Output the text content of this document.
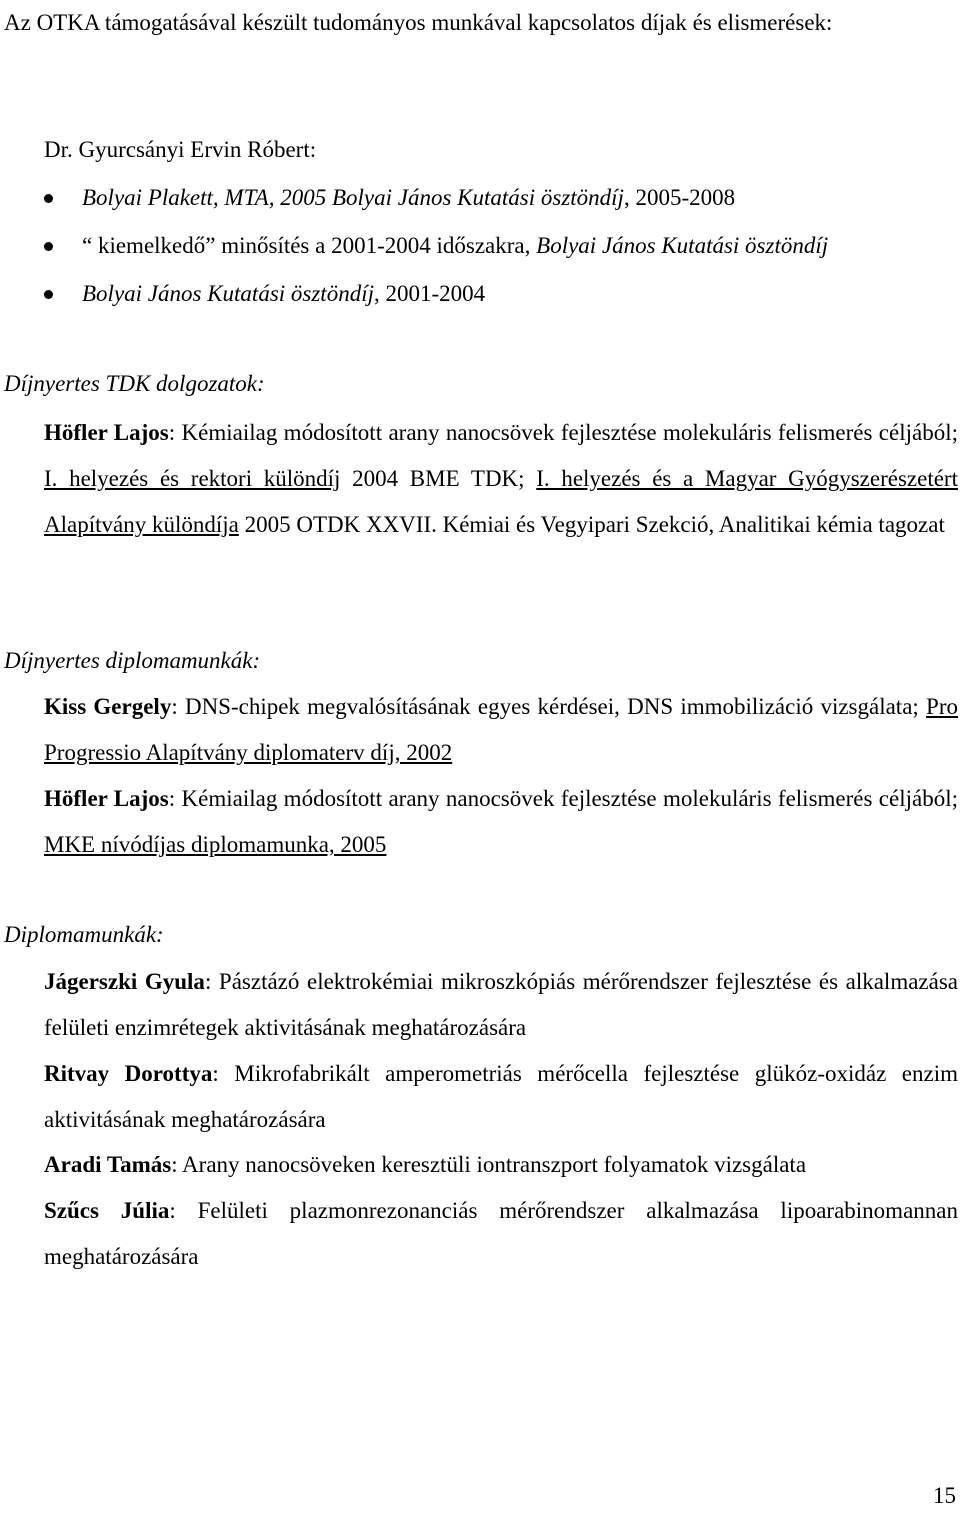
Az OTKA támogatásával készült tudományos munkával kapcsolatos díjak és elismerések:
Dr. Gyurcsányi Ervin Róbert:
Bolyai Plakett, MTA, 2005 Bolyai János Kutatási ösztöndíj, 2005-2008
“ kiemelkedő” minősítés a 2001-2004 időszakra, Bolyai János Kutatási ösztöndíj
Bolyai János Kutatási ösztöndíj, 2001-2004
Díjnyertes TDK dolgozatok:
Höfler Lajos: Kémiailag módosított arany nanocsövek fejlesztése molekuláris felismerés céljából; I. helyezés és rektori különdíj 2004 BME TDK; I. helyezés és a Magyar Gyógyszerészetért Alapítvány különdíja 2005 OTDK XXVII. Kémiai és Vegyipari Szekció, Analitikai kémia tagozat
Díjnyertes diplomamunkák:
Kiss Gergely: DNS-chipek megvalósításának egyes kérdései, DNS immobilizáció vizsgálata; Pro Progressio Alapítvány diplomaterv díj, 2002
Höfler Lajos: Kémiailag módosított arany nanocsövek fejlesztése molekuláris felismerés céljából; MKE nívódíjas diplomamunka, 2005
Diplomamunkák:
Jágerszki Gyula: Pásztázó elektrokémiai mikroszkópiás mérőrendszer fejlesztése és alkalmazása felületi enzimrétegek aktivitásának meghatározására
Ritvay Dorottya: Mikrofabrikált amperometriás mérőcella fejlesztése glükóz-oxidáz enzim aktivitásának meghatározására
Aradi Tamás: Arany nanocsöveken keresztüli iontranszport folyamatok vizsgálata
Szűcs Júlia: Felületi plazmonrezonanciás mérőrendszer alkalmazása lipoarabinomannan meghatározására
15
